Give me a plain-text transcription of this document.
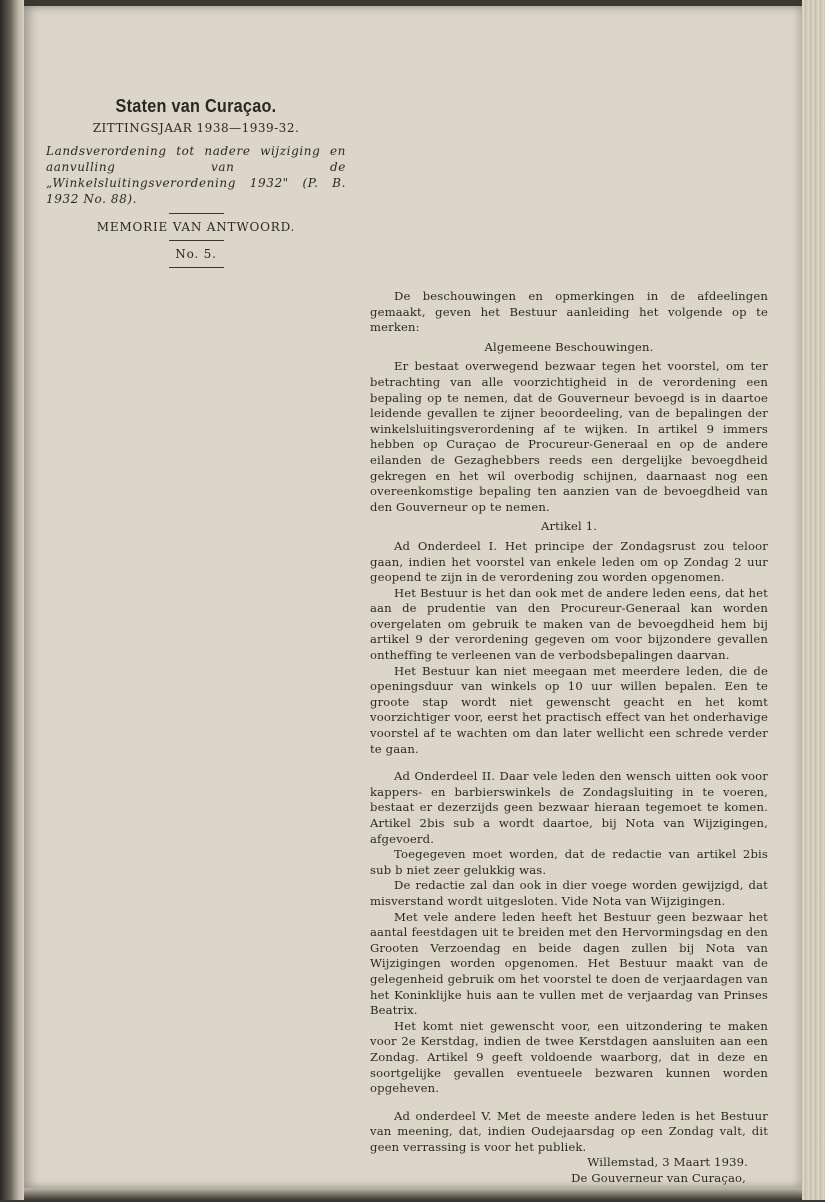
Staten van Curaçao.
ZITTINGSJAAR 1938—1939-32.
Landsverordening tot nadere wijziging en aanvulling van de „Winkelsluitingsverordening 1932" (P. B. 1932 No. 88).
MEMORIE VAN ANTWOORD.
No. 5.

De beschouwingen en opmerkingen in de afdeelingen gemaakt, geven het Bestuur aanleiding het volgende op te merken:

Algemeene Beschouwingen.

Er bestaat overwegend bezwaar tegen het voorstel, om ter betrachting van alle voorzichtigheid in de verordening een bepaling op te nemen, dat de Gouverneur bevoegd is in daartoe leidende gevallen te zijner beoordeeling, van de bepalingen der winkelsluitingsverordening af te wijken. In artikel 9 immers hebben op Curaçao de Procureur-Generaal en op de andere eilanden de Gezaghebbers reeds een dergelijke bevoegdheid gekregen en het wil overbodig schijnen, daarnaast nog een overeenkomstige bepaling ten aanzien van de bevoegdheid van den Gouverneur op te nemen.

Artikel 1.

Ad Onderdeel I. Het principe der Zondagsrust zou teloor gaan, indien het voorstel van enkele leden om op Zondag 2 uur geopend te zijn in de verordening zou worden opgenomen.

Het Bestuur is het dan ook met de andere leden eens, dat het aan de prudentie van den Procureur-Generaal kan worden overgelaten om gebruik te maken van de bevoegdheid hem bij artikel 9 der verordening gegeven om voor bijzondere gevallen ontheffing te verleenen van de verbodsbepalingen daarvan.

Het Bestuur kan niet meegaan met meerdere leden, die de openingsduur van winkels op 10 uur willen bepalen. Een te groote stap wordt niet gewenscht geacht en het komt voorzichtiger voor, eerst het practisch effect van het onderhavige voorstel af te wachten om dan later wellicht een schrede verder te gaan.

Ad Onderdeel II. Daar vele leden den wensch uitten ook voor kappers- en barbierswinkels de Zondagsluiting in te voeren, bestaat er dezerzijds geen bezwaar hieraan tegemoet te komen. Artikel 2bis sub a wordt daartoe, bij Nota van Wijzigingen, afgevoerd.

Toegegeven moet worden, dat de redactie van artikel 2bis sub b niet zeer gelukkig was.

De redactie zal dan ook in dier voege worden gewijzigd, dat misverstand wordt uitgesloten. Vide Nota van Wijzigingen.

Met vele andere leden heeft het Bestuur geen bezwaar het aantal feestdagen uit te breiden met den Hervormingsdag en den Grooten Verzoendag en beide dagen zullen bij Nota van Wijzigingen worden opgenomen. Het Bestuur maakt van de gelegenheid gebruik om het voorstel te doen de verjaardagen van het Koninklijke huis aan te vullen met de verjaardag van Prinses Beatrix.

Het komt niet gewenscht voor, een uitzondering te maken voor 2e Kerstdag, indien de twee Kerstdagen aansluiten aan een Zondag. Artikel 9 geeft voldoende waarborg, dat in deze en soortgelijke gevallen eventueele bezwaren kunnen worden opgeheven.

Ad onderdeel V. Met de meeste andere leden is het Bestuur van meening, dat, indien Oudejaarsdag op een Zondag valt, dit geen verrassing is voor het publiek.

Willemstad, 3 Maart 1939.

De Gouverneur van Curaçao,
